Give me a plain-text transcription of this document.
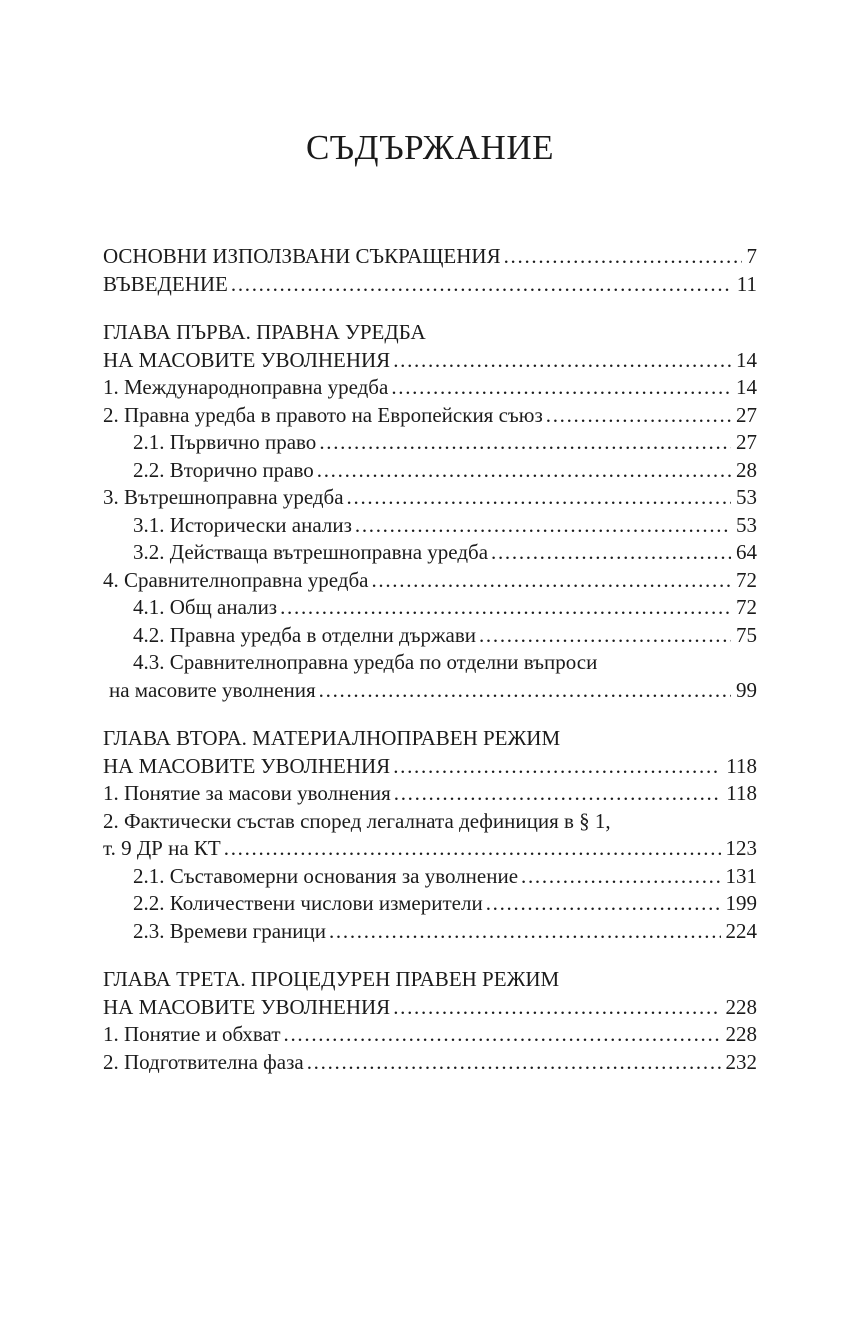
СЪДЪРЖАНИЕ
ОСНОВНИ ИЗПОЛЗВАНИ СЪКРАЩЕНИЯ .....	7
ВЪВЕДЕНИЕ .....	11
ГЛАВА ПЪРВА. ПРАВНА УРЕДБА
НА МАСОВИТЕ УВОЛНЕНИЯ .....	14
1. Международноправна уредба .....	14
2. Правна уредба в правото на Европейския съюз .....	27
2.1. Първично право .....	27
2.2. Вторично право .....	28
3. Вътрешноправна уредба .....	53
3.1. Исторически анализ .....	53
3.2. Действаща вътрешноправна уредба .....	64
4. Сравнителноправна уредба .....	72
4.1. Общ анализ .....	72
4.2. Правна уредба в отделни държави .....	75
4.3. Сравнителноправна уредба по отделни въпроси
на масовите уволнения .....	99
ГЛАВА ВТОРА. МАТЕРИАЛНОПРАВЕН РЕЖИМ
НА МАСОВИТЕ УВОЛНЕНИЯ .....	118
1. Понятие за масови уволнения .....	118
2. Фактически състав според легалната дефиниция в § 1,
т. 9 ДР на КТ .....	123
2.1. Съставомерни основания за уволнение .....	131
2.2. Количествени числови измерители .....	199
2.3. Времеви граници .....	224
ГЛАВА ТРЕТА. ПРОЦЕДУРЕН ПРАВЕН РЕЖИМ
НА МАСОВИТЕ УВОЛНЕНИЯ .....	228
1. Понятие и обхват .....	228
2. Подготвителна фаза .....	232
